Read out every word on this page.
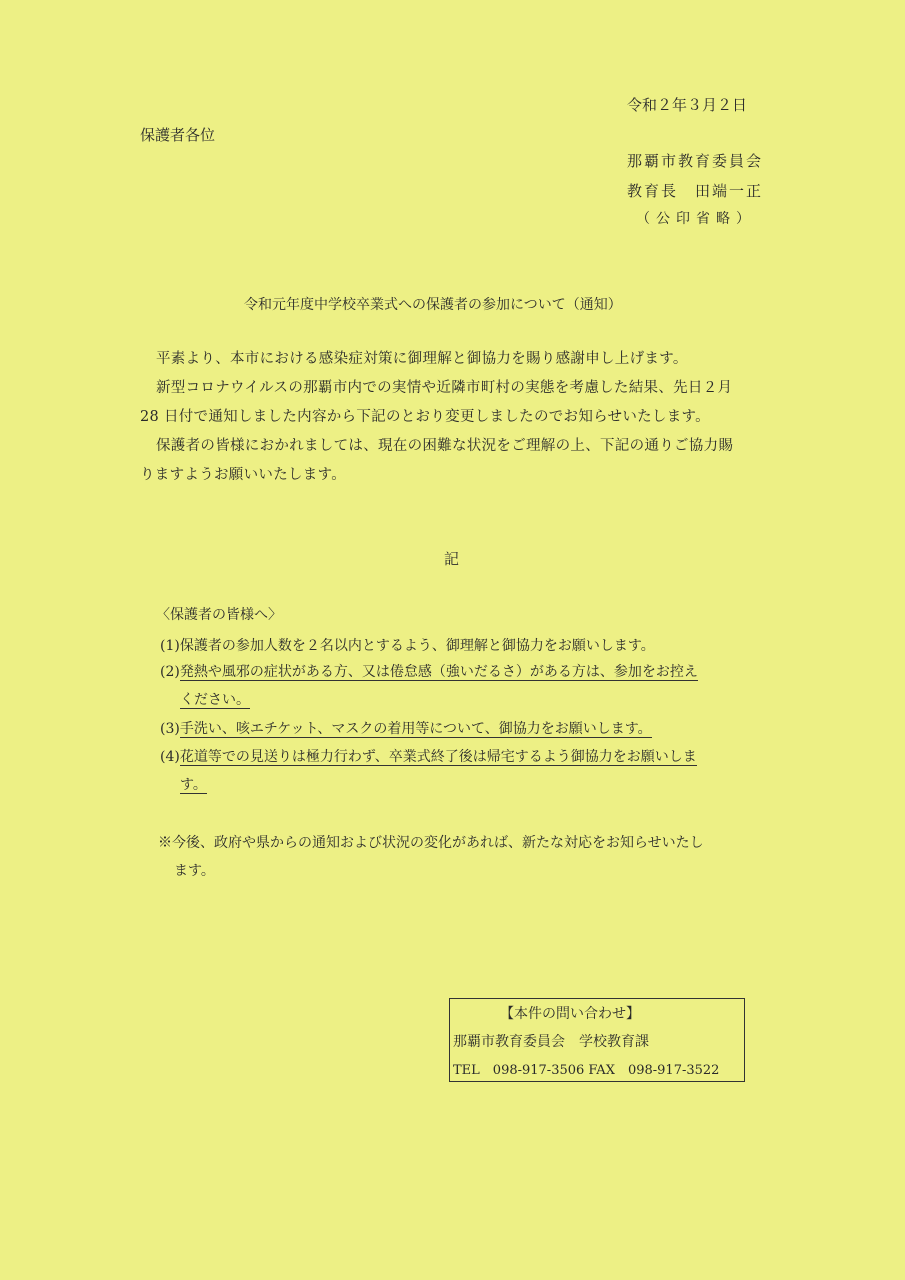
令和２年３月２日
保護者各位
那覇市教育委員会
教育長　田端一正
（公印省略）
令和元年度中学校卒業式への保護者の参加について（通知）

平素より、本市における感染症対策に御理解と御協力を賜り感謝申し上げます。

新型コロナウイルスの那覇市内での実情や近隣市町村の実態を考慮した結果、先日２月

28 日付で通知しました内容から下記のとおり変更しましたのでお知らせいたします。

保護者の皆様におかれましては、現在の困難な状況をご理解の上、下記の通りご協力賜

りますようお願いいたします。

記
〈保護者の皆様へ〉
(1)保護者の参加人数を２名以内とするよう、御理解と御協力をお願いします。
(2)発熱や風邪の症状がある方、又は倦怠感（強いだるさ）がある方は、参加をお控え
ください。
(3)手洗い、咳エチケット、マスクの着用等について、御協力をお願いします。
(4)花道等での見送りは極力行わず、卒業式終了後は帰宅するよう御協力をお願いしま
す。
※今後、政府や県からの通知および状況の変化があれば、新たな対応をお知らせいたし
ます。
【本件の問い合わせ】
那覇市教育委員会　学校教育課
TEL　098-917-3506 FAX　098-917-3522
